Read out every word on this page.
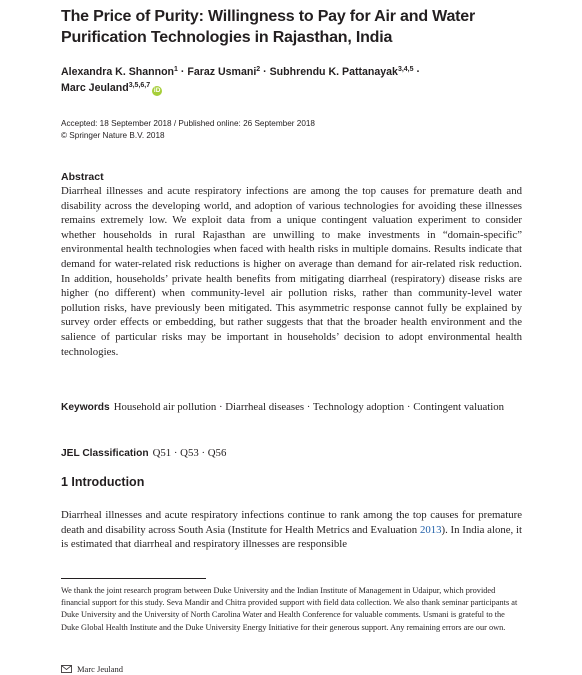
The Price of Purity: Willingness to Pay for Air and Water Purification Technologies in Rajasthan, India
Alexandra K. Shannon$^1$ · Faraz Usmani$^2$ · Subhrendu K. Pattanayak$^{3,4,5}$ ·
Marc Jeuland$^{3,5,6,7}$iD
Accepted: 18 September 2018 / Published online: 26 September 2018
© Springer Nature B.V. 2018
Abstract

Diarrheal illnesses and acute respiratory infections are among the top causes for premature death and disability across the developing world, and adoption of various technologies for avoiding these illnesses remains extremely low. We exploit data from a unique contingent valuation experiment to consider whether households in rural Rajasthan are unwilling to make investments in “domain-specific” environmental health technologies when faced with health risks in multiple domains. Results indicate that demand for water-related risk reductions is higher on average than demand for air-related risk reduction. In addition, households’ private health benefits from mitigating diarrheal (respiratory) disease risks are higher (no different) when community-level air pollution risks, rather than community-level water pollution risks, have previously been mitigated. This asymmetric response cannot fully be explained by survey order effects or embedding, but rather suggests that that the broader health environment and the salience of particular risks may be important in households’ decision to adopt environmental health technologies.

Keywords Household air pollution · Diarrheal diseases · Technology adoption · Contingent valuation

JEL Classification Q51 · Q53 · Q56
1 Introduction

Diarrheal illnesses and acute respiratory infections continue to rank among the top causes for premature death and disability across South Asia (Institute for Health Metrics and Evaluation 2013). In India alone, it is estimated that diarrheal and respiratory illnesses are responsible

We thank the joint research program between Duke University and the Indian Institute of Management in Udaipur, which provided financial support for this study. Seva Mandir and Chitra provided support with field data collection. We also thank seminar participants at Duke University and the University of North Carolina Water and Health Conference for valuable comments. Usmani is grateful to the Duke Global Health Institute and the Duke University Energy Initiative for their generous support. Any remaining errors are our own.

Marc Jeuland
